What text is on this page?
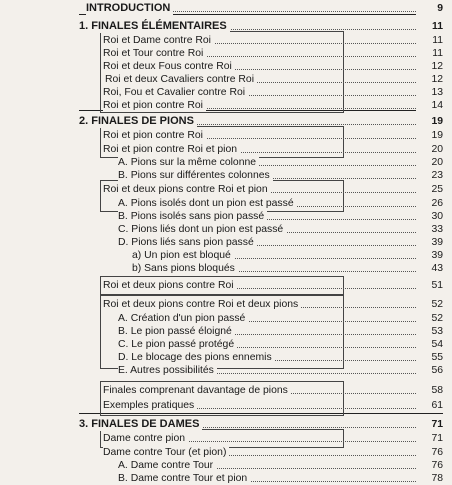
INTRODUCTION	9
1. FINALES ÉLÉMENTAIRES	11
Roi et Dame contre Roi	11
Roi et Tour contre Roi	11
Roi et deux Fous contre Roi	12
Roi et deux Cavaliers contre Roi	12
Roi, Fou et Cavalier contre Roi	13
Roi et pion contre Roi	14
2. FINALES DE PIONS	19
Roi et pion contre Roi	19
Roi et pion contre Roi et pion	20
A. Pions sur la même colonne	20
B. Pions sur différentes colonnes	23
Roi et deux pions contre Roi et pion	25
A. Pions isolés dont un pion est passé	26
B. Pions isolés sans pion passé	30
C. Pions liés dont un pion est passé	33
D. Pions liés sans pion passé	39
a) Un pion est bloqué	39
b) Sans pions bloqués	43
Roi et deux pions contre Roi	51
Roi et deux pions contre Roi et deux pions	52
A. Création d'un pion passé	52
B. Le pion passé éloigné	53
C. Le pion passé protégé	54
D. Le blocage des pions ennemis	55
E. Autres possibilités	56
Finales comprenant davantage de pions	58
Exemples pratiques	61
3. FINALES DE DAMES	71
Dame contre pion	71
Dame contre Tour (et pion)	76
A. Dame contre Tour	76
B. Dame contre Tour et pion	78
